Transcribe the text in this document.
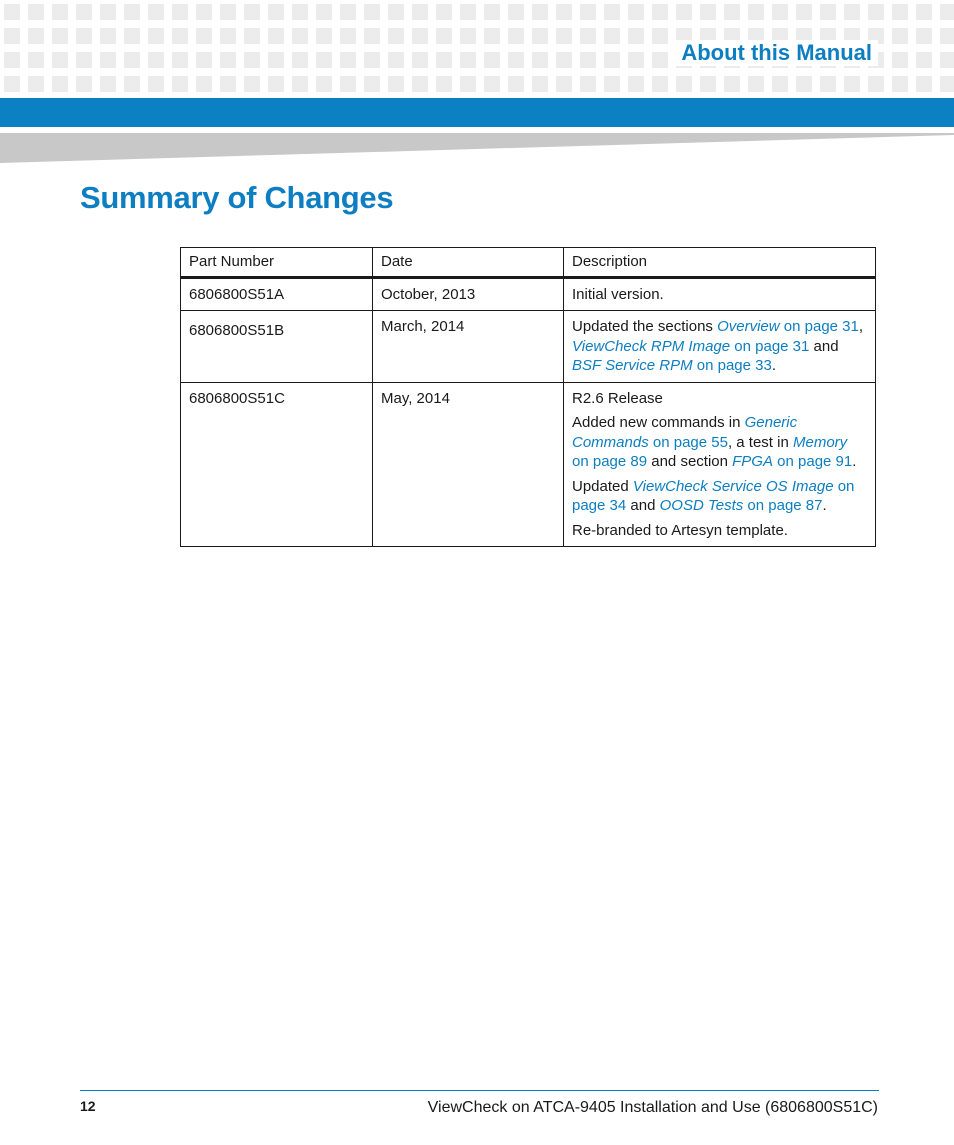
About this Manual
Summary of Changes
Part Number	Date	Description
6806800S51A	October, 2013	Initial version.
6806800S51B	March, 2014	Updated the sections Overview on page 31, ViewCheck RPM Image on page 31 and BSF Service RPM on page 33.

6806800S51C	May, 2014	R2.6 Release

Added new commands in Generic Commands on page 55, a test in Memory on page 89 and section FPGA on page 91.

Updated ViewCheck Service OS Image on page 34 and OOSD Tests on page 87.

Re-branded to Artesyn template.

12	ViewCheck on ATCA-9405 Installation and Use (6806800S51C)
